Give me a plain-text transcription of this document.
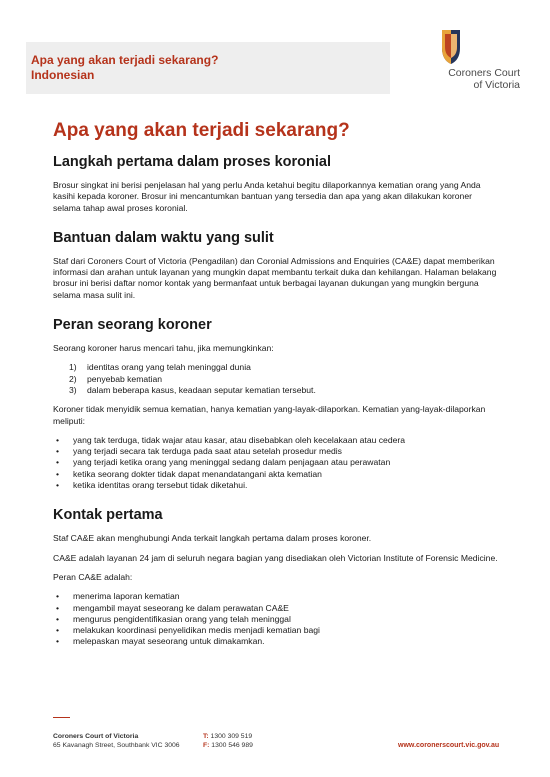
Apa yang akan terjadi sekarang?
Indonesian	Coroners Court
of Victoria
Apa yang akan terjadi sekarang?
Langkah pertama dalam proses koronial
Brosur singkat ini berisi penjelasan hal yang perlu Anda ketahui begitu dilaporkannya kematian orang yang Anda kasihi kepada koroner. Brosur ini mencantumkan bantuan yang tersedia dan apa yang akan dilakukan koroner selama tahap awal proses koronial.
Bantuan dalam waktu yang sulit
Staf dari Coroners Court of Victoria (Pengadilan) dan Coronial Admissions and Enquiries (CA&E) dapat memberikan informasi dan arahan untuk layanan yang mungkin dapat membantu terkait duka dan kehilangan. Halaman belakang brosur ini berisi daftar nomor kontak yang bermanfaat untuk berbagai layanan dukungan yang mungkin berguna selama masa sulit ini.
Peran seorang koroner
Seorang koroner harus mencari tahu, jika memungkinkan:
1) identitas orang yang telah meninggal dunia
2) penyebab kematian
3) dalam beberapa kasus, keadaan seputar kematian tersebut.
Koroner tidak menyidik semua kematian, hanya kematian yang-layak-dilaporkan. Kematian yang-layak-dilaporkan meliputi:
• yang tak terduga, tidak wajar atau kasar, atau disebabkan oleh kecelakaan atau cedera
• yang terjadi secara tak terduga pada saat atau setelah prosedur medis
• yang terjadi ketika orang yang meninggal sedang dalam penjagaan atau perawatan
• ketika seorang dokter tidak dapat menandatangani akta kematian
• ketika identitas orang tersebut tidak diketahui.
Kontak pertama
Staf CA&E akan menghubungi Anda terkait langkah pertama dalam proses koroner.
CA&E adalah layanan 24 jam di seluruh negara bagian yang disediakan oleh Victorian Institute of Forensic Medicine.
Peran CA&E adalah:
• menerima laporan kematian
• mengambil mayat seseorang ke dalam perawatan CA&E
• mengurus pengidentifikasian orang yang telah meninggal
• melakukan koordinasi penyelidikan medis menjadi kematian bagi
• melepaskan mayat seseorang untuk dimakamkan.
Coroners Court of Victoria
65 Kavanagh Street, Southbank VIC 3006
T: 1300 309 519
F: 1300 546 989	www.coronerscourt.vic.gov.au
